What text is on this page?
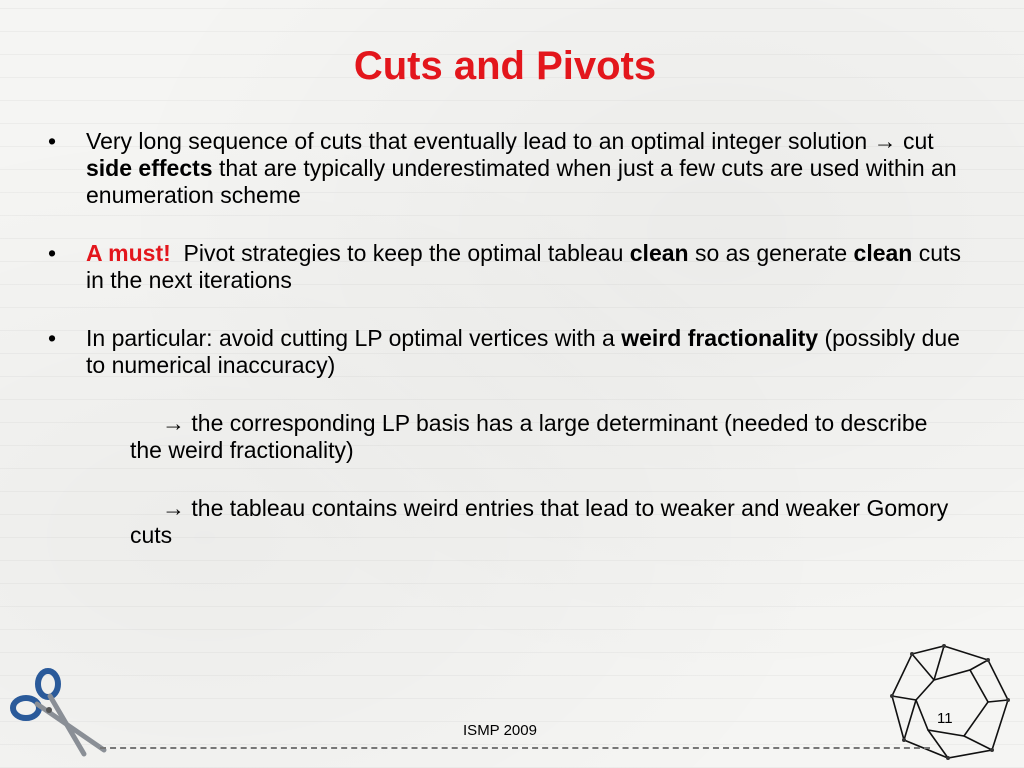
Cuts and Pivots
• Very long sequence of cuts that eventually lead to an optimal integer solution → cut side effects that are typically underestimated when just a few cuts are used within an enumeration scheme
• A must!  Pivot strategies to keep the optimal tableau clean so as generate clean cuts in the next iterations
• In particular: avoid cutting LP optimal vertices with a weird fractionality (possibly due to numerical inaccuracy)
→ the corresponding LP basis has a large determinant (needed to describe the weird fractionality)
→ the tableau contains weird entries that lead to weaker and weaker Gomory cuts
11
ISMP 2009
